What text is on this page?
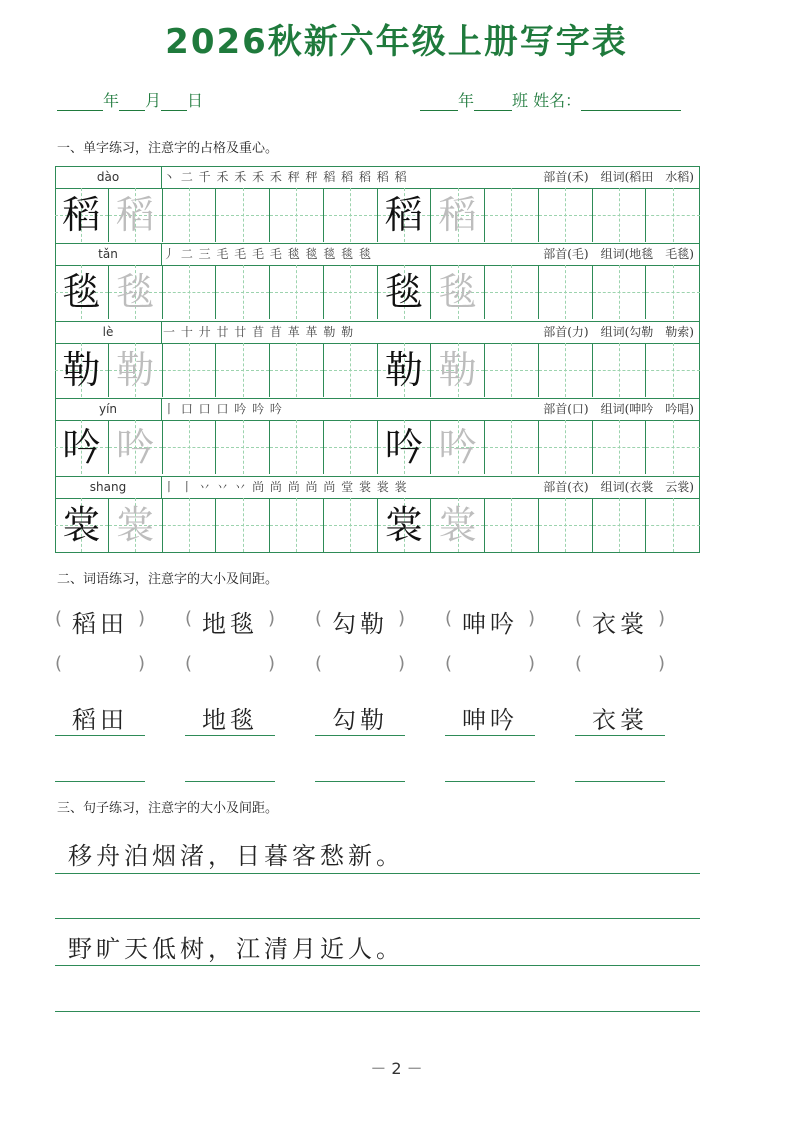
2026秋新六年级上册写字表
年 月 日	年 班 姓名：
一、单字练习，注意字的占格及重心。
dào	丶 二 千 禾 禾 禾 禾 秤 秤 稻 稻 稻 稻 稻	部首(禾)　 组词(稻田　水稻)
稻 稻	稻 稻
tǎn	丿 二 三 毛 毛 毛 毛 毯 毯 毯 毯 毯	部首(毛)　 组词(地毯　毛毯)
毯 毯	毯 毯
lè	一 十 廾 廿 廿 苜 苜 革 革 勒 勒	部首(力)　 组词(勾勒　勒索)
勒 勒	勒 勒
yín	丨 口 口 口 吟 吟 吟	部首(口)　 组词(呻吟　吟唱)
吟 吟	吟 吟
shang	丨 丨 丷 丷 丷 尚 尚 尚 尚 尚 堂 裳 裳 裳	部首(衣)　 组词(衣裳　云裳)
裳 裳	裳 裳
二、词语练习，注意字的大小及间距。
(	)
稻田
(	)
稻田
(	)
地毯
(	)
地毯
(	)
勾勒
(	)
勾勒
(	)
呻吟
(	)
呻吟
(	)
衣裳
(	)
衣裳
三、句子练习，注意字的大小及间距。
移舟泊烟渚，日暮客愁新。
野旷天低树，江清月近人。
－ 2 －
